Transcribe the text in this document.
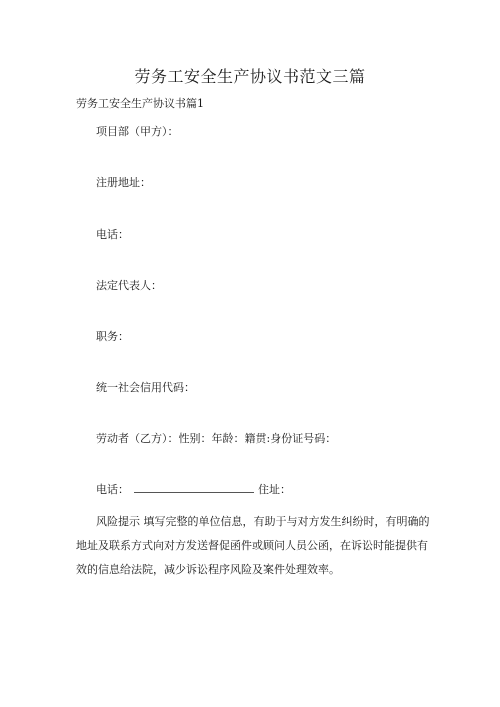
劳务工安全生产协议书范文三篇
劳务工安全生产协议书篇1
项目部（甲方）：
注册地址：
电话：
法定代表人：
职务：
统一社会信用代码：
劳动者（乙方）：性别：年龄：籍贯:身份证号码：
电话：	住址：
风险提示 填写完整的单位信息，有助于与对方发生纠纷时，有明确的地址及联系方式向对方发送督促函件或顾问人员公函，在诉讼时能提供有效的信息给法院，减少诉讼程序风险及案件处理效率。
